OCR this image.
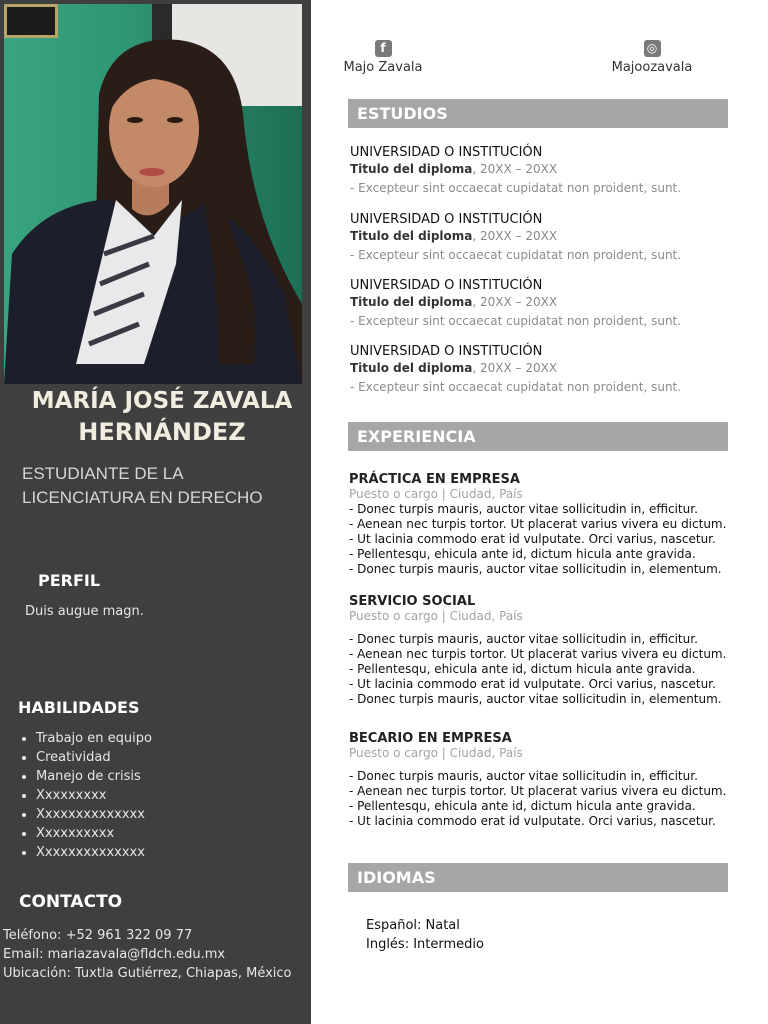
MARÍA JOSÉ ZAVALA
HERNÁNDEZ
ESTUDIANTE DE LA
LICENCIATURA EN DERECHO
PERFIL
Duis augue magn.
HABILIDADES
• Trabajo en equipo
• Creatividad
• Manejo de crisis
• Xxxxxxxxx
• Xxxxxxxxxxxxxx
• Xxxxxxxxxx
• Xxxxxxxxxxxxxx
CONTACTO
Teléfono: +52 961 322 09 77
Email: mariazavala@fldch.edu.mx
Ubicación: Tuxtla Gutiérrez, Chiapas, México
f
Majo Zavala
◎
Majoozavala
ESTUDIOS
UNIVERSIDAD O INSTITUCIÓN
Titulo del diploma, 20XX – 20XX
- Excepteur sint occaecat cupidatat non proident, sunt.
UNIVERSIDAD O INSTITUCIÓN
Titulo del diploma, 20XX – 20XX
- Excepteur sint occaecat cupidatat non proident, sunt.
UNIVERSIDAD O INSTITUCIÓN
Titulo del diploma, 20XX – 20XX
- Excepteur sint occaecat cupidatat non proident, sunt.
UNIVERSIDAD O INSTITUCIÓN
Titulo del diploma, 20XX – 20XX
- Excepteur sint occaecat cupidatat non proident, sunt.
EXPERIENCIA
PRÁCTICA EN EMPRESA
Puesto o cargo | Ciudad, País
- Donec turpis mauris, auctor vitae sollicitudin in, efficitur.
- Aenean nec turpis tortor. Ut placerat varius vivera eu dictum.
- Ut lacinia commodo erat id vulputate. Orci varius, nascetur.
- Pellentesqu, ehicula ante id, dictum hicula ante gravida.
- Donec turpis mauris, auctor vitae sollicitudin in, elementum.
SERVICIO SOCIAL
Puesto o cargo | Ciudad, País
- Donec turpis mauris, auctor vitae sollicitudin in, efficitur.
- Aenean nec turpis tortor. Ut placerat varius vivera eu dictum.
- Pellentesqu, ehicula ante id, dictum hicula ante gravida.
- Ut lacinia commodo erat id vulputate. Orci varius, nascetur.
- Donec turpis mauris, auctor vitae sollicitudin in, elementum.
BECARIO EN EMPRESA
Puesto o cargo | Ciudad, País
- Donec turpis mauris, auctor vitae sollicitudin in, efficitur.
- Aenean nec turpis tortor. Ut placerat varius vivera eu dictum.
- Pellentesqu, ehicula ante id, dictum hicula ante gravida.
- Ut lacinia commodo erat id vulputate. Orci varius, nascetur.
IDIOMAS
Español: Natal
Inglés: Intermedio
